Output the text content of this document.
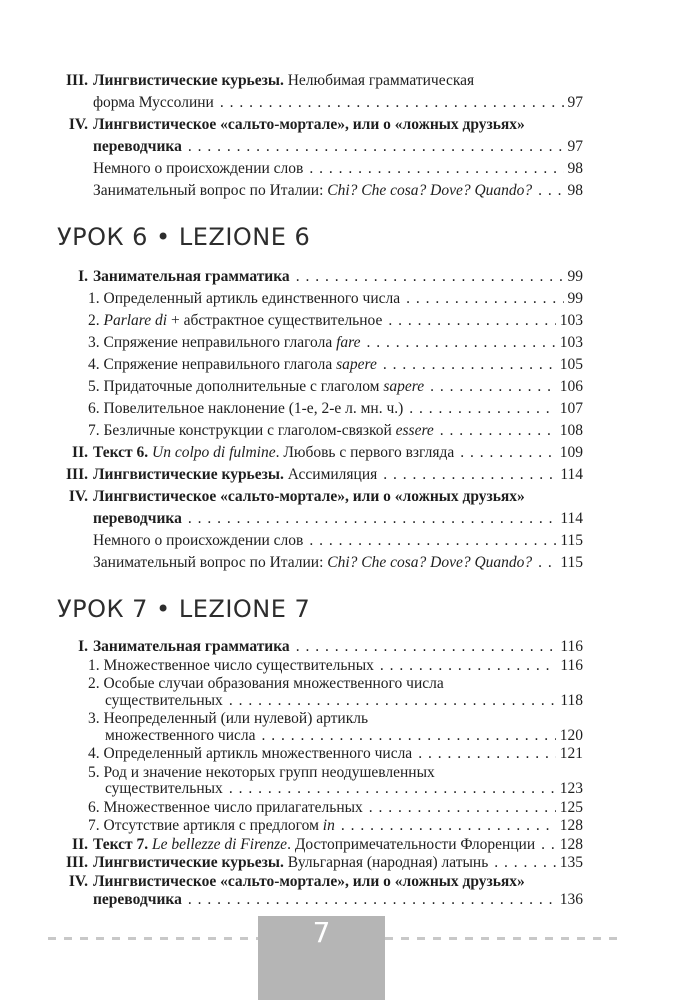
III. Лингвистические курьезы. Нелюбимая грамматическая
форма Муссолини . . .	97
IV. Лингвистическое «сальто-мортале», или о «ложных друзьях»
переводчика . . .	97
Немного о происхождении слов . . .	98
Занимательный вопрос по Италии: Chi? Che cosa? Dove? Quando? . . . 98
УРОК 6 • LEZIONE 6
I. Занимательная грамматика . . .	99
1. Определенный артикль единственного числа . . .	99
2. Parlare di + абстрактное существительное . . .	103
3. Спряжение неправильного глагола fare . . .	103
4. Спряжение неправильного глагола sapere . . .	105
5. Придаточные дополнительные с глаголом sapere . . .	106
6. Повелительное наклонение (1-е, 2-е л. мн. ч.) . . .	107
7. Безличные конструкции с глаголом-связкой essere . . .	108
II. Текст 6. Un colpo di fulmine. Любовь с первого взгляда . . .	109
III. Лингвистические курьезы. Ассимиляция . . .	114
IV. Лингвистическое «сальто-мортале», или о «ложных друзьях»
переводчика . . .	114
Немного о происхождении слов . . .	115
Занимательный вопрос по Италии: Chi? Che cosa? Dove? Quando? . . . 115
УРОК 7 • LEZIONE 7
I. Занимательная грамматика . . .	116
1. Множественное число существительных . . .	116
2. Особые случаи образования множественного числа
существительных . . .	118
3. Неопределенный (или нулевой) артикль
множественного числа . . .	120
4. Определенный артикль множественного числа . . .	121
5. Род и значение некоторых групп неодушевленных
существительных . . .	123
6. Множественное число прилагательных . . .	125
7. Отсутствие артикля с предлогом in . . .	128
II. Текст 7. Le bellezze di Firenze. Достопримечательности Флоренции . . . 128
III. Лингвистические курьезы. Вульгарная (народная) латынь . . .	135
IV. Лингвистическое «сальто-мортале», или о «ложных друзьях»
переводчика . . .	136
7
